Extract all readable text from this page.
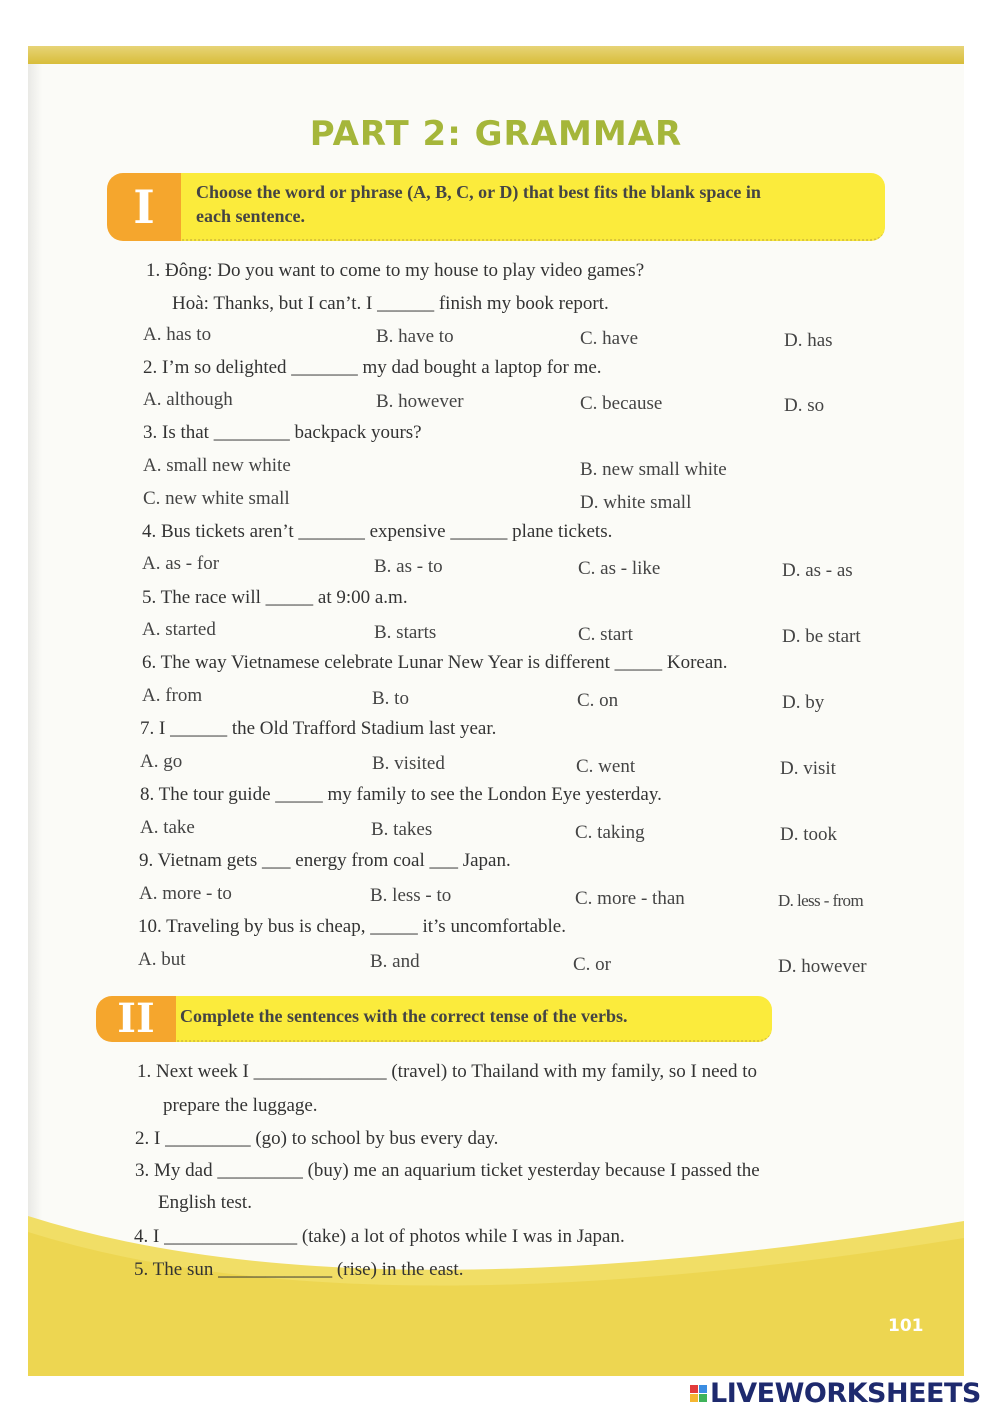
PART 2: GRAMMAR
I	Choose the word or phrase (A, B, C, or D) that best fits the blank space in
each sentence.
1. Đông: Do you want to come to my house to play video games?
Hoà: Thanks, but I can’t. I ______ finish my book report.
A. has to	B. have to	C. have	D. has
2. I’m so delighted _______ my dad bought a laptop for me.
A. although	B. however	C. because	D. so
3. Is that ________ backpack yours?
A. small new white	B. new small white
C. new white small	D. white small
4. Bus tickets aren’t _______ expensive ______ plane tickets.
A. as - for	B. as - to	C. as - like	D. as - as
5. The race will _____ at 9:00 a.m.
A. started	B. starts	C. start	D. be start
6. The way Vietnamese celebrate Lunar New Year is different _____ Korean.
A. from	B. to	C. on	D. by
7. I ______ the Old Trafford Stadium last year.
A. go	B. visited	C. went	D. visit
8. The tour guide _____ my family to see the London Eye yesterday.
A. take	B. takes	C. taking	D. took
9. Vietnam gets ___ energy from coal ___ Japan.
A. more - to	B. less - to	C. more - than	D. less - from
10. Traveling by bus is cheap, _____ it’s uncomfortable.
A. but	B. and	C. or	D. however
II	Complete the sentences with the correct tense of the verbs.
1. Next week I ______________ (travel) to Thailand with my family, so I need to
prepare the luggage.
2. I _________ (go) to school by bus every day.
3. My dad _________ (buy) me an aquarium ticket yesterday because I passed the
English test.
4. I ______________ (take) a lot of photos while I was in Japan.
5. The sun ____________ (rise) in the east.
101
LIVEWORKSHEETS
